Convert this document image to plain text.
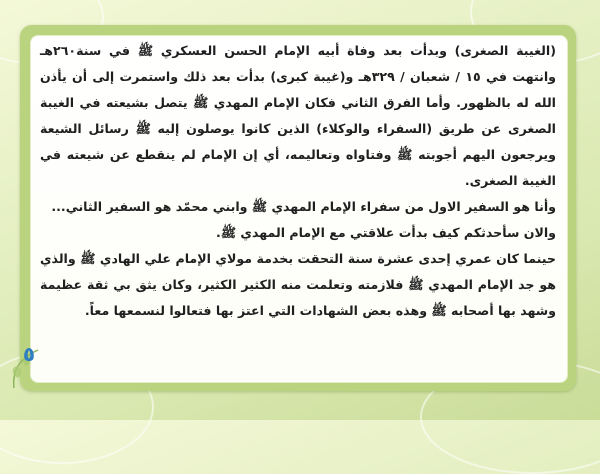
(الغيبة الصغرى) وبدأت بعد وفاة أبيه الإمام الحسن العسكري ﷺ في سنة٢٦٠هـ وانتهت في ١٥ / شعبان / ٣٢٩هـ و(غيبة كبرى) بدأت بعد ذلك واستمرت إلى أن يأذن الله له بالظهور. وأما الفرق الثاني فكان الإمام المهدي ﷺ يتصل بشيعته في الغيبة الصغرى عن طريق (السفراء والوكلاء) الذين كانوا يوصلون إليه ﷺ رسائل الشيعة ويرجعون اليهم أجوبته ﷺ وفتاواه وتعاليمه، أي إن الإمام لم ينقطع عن شيعته في الغيبة الصغرى.

وأنا هو السفير الاول من سفراء الإمام المهدي ﷺ وابني محمّد هو السفير الثاني...

والان سأحدثكم كيف بدأت علاقتي مع الإمام المهدي ﷺ.

حينما كان عمري إحدى عشرة سنة التحقت بخدمة مولاي الإمام علي الهادي ﷺ والذي هو جد الإمام المهدي ﷺ فلازمته وتعلمت منه الكثير الكثير، وكان يثق بي ثقة عظيمة وشهد بها أصحابه ﷺ وهذه بعض الشهادات التي اعتز بها فتعالوا لنسمعها معاً.

٥
